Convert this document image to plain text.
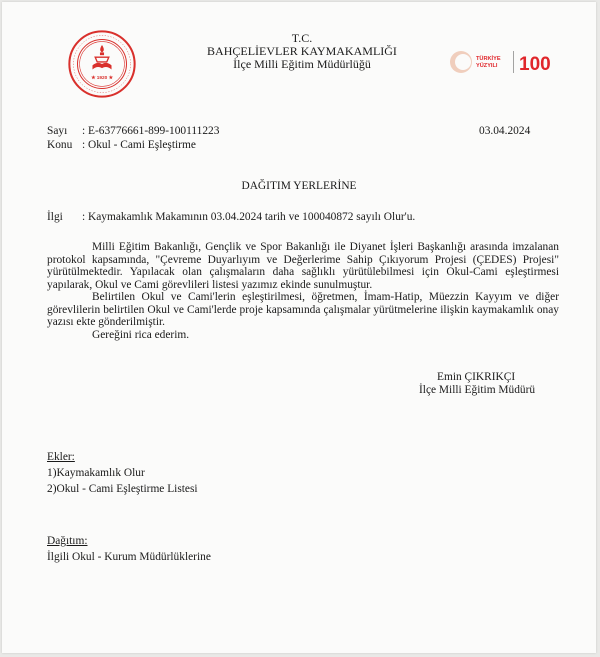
★ 1920 ★
T.C.
BAHÇELİEVLER KAYMAKAMLIĞI
İlçe Milli Eğitim Müdürlüğü	TÜRKİYE
YÜZYILI 100
Sayı : E-63776661-899-100111223	03.04.2024
Konu : Okul - Cami Eşleştirme
DAĞITIM YERLERİNE
İlgi : Kaymakamlık Makamının 03.04.2024 tarih ve 100040872 sayılı Olur'u.
Milli Eğitim Bakanlığı, Gençlik ve Spor Bakanlığı ile Diyanet İşleri Başkanlığı arasında imzalanan protokol kapsamında, "Çevreme Duyarlıyım ve Değerlerime Sahip Çıkıyorum Projesi (ÇEDES) Projesi" yürütülmektedir. Yapılacak olan çalışmaların daha sağlıklı yürütülebilmesi için Okul-Cami eşleştirmesi yapılarak, Okul ve Cami görevlileri listesi yazımız ekinde sunulmuştur.
Belirtilen Okul ve Cami'lerin eşleştirilmesi, öğretmen, İmam-Hatip, Müezzin Kayyım ve diğer görevlilerin belirtilen Okul ve Cami'lerde proje kapsamında çalışmalar yürütmelerine ilişkin kaymakamlık onay yazısı ekte gönderilmiştir.
Gereğini rica ederim.
Emin ÇIKRIKÇI
İlçe Milli Eğitim Müdürü
Ekler:
1)Kaymakamlık Olur
2)Okul - Cami Eşleştirme Listesi
Dağıtım:
İlgili Okul - Kurum Müdürlüklerine
